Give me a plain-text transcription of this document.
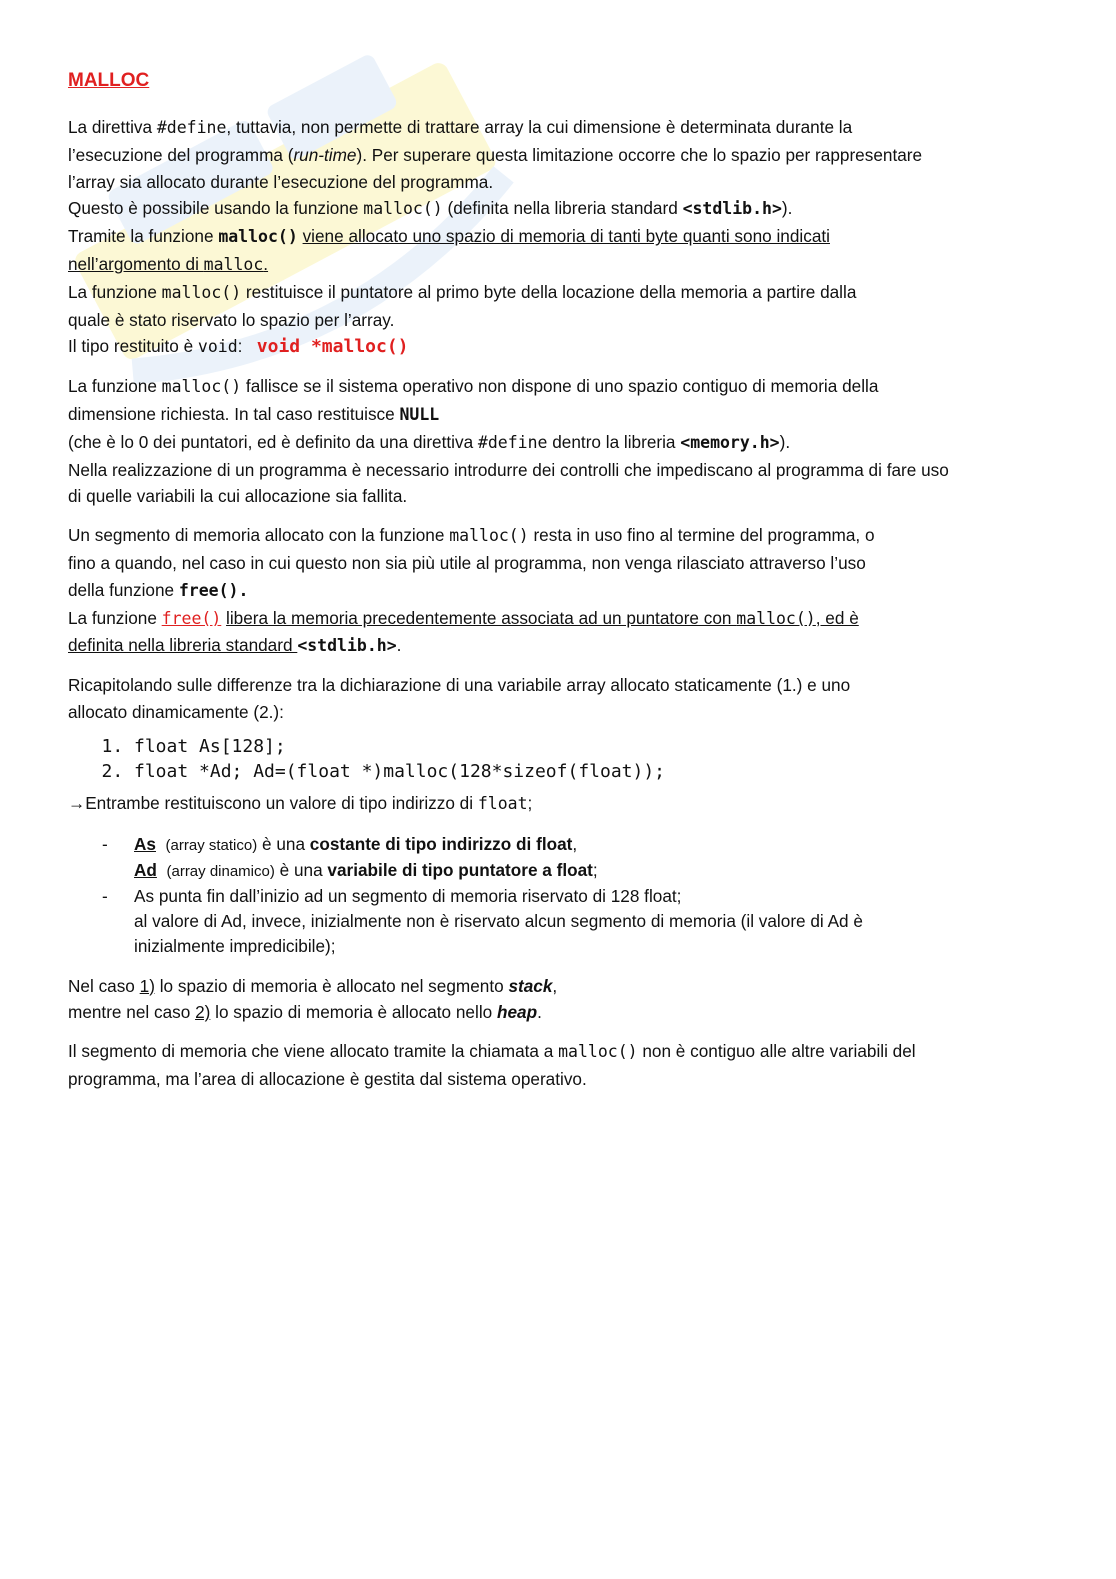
MALLOC

La direttiva #define, tuttavia, non permette di trattare array la cui dimensione è determinata durante la

l’esecuzione del programma (run-time). Per superare questa limitazione occorre che lo spazio per rappresentare

l’array sia allocato durante l’esecuzione del programma.

Questo è possibile usando la funzione malloc() (definita nella libreria standard <stdlib.h>).

Tramite la funzione malloc() viene allocato uno spazio di memoria di tanti byte quanti sono indicati

nell’argomento di malloc.

La funzione malloc() restituisce il puntatore al primo byte della locazione della memoria a partire dalla

quale è stato riservato lo spazio per l’array.

Il tipo restituito è void: void *malloc()

La funzione malloc() fallisce se il sistema operativo non dispone di uno spazio contiguo di memoria della

dimensione richiesta. In tal caso restituisce NULL

(che è lo 0 dei puntatori, ed è definito da una direttiva #define dentro la libreria <memory.h>).

Nella realizzazione di un programma è necessario introdurre dei controlli che impediscano al programma di fare uso

di quelle variabili la cui allocazione sia fallita.

Un segmento di memoria allocato con la funzione malloc() resta in uso fino al termine del programma, o

fino a quando, nel caso in cui questo non sia più utile al programma, non venga rilasciato attraverso l’uso

della funzione free().

La funzione free() libera la memoria precedentemente associata ad un puntatore con malloc(), ed è

definita nella libreria standard <stdlib.h>.

Ricapitolando sulle differenze tra la dichiarazione di una variabile array allocato staticamente (1.) e uno

allocato dinamicamente (2.):

1. float As[128];
2. float *Ad; Ad=(float *)malloc(128*sizeof(float));

→Entrambe restituiscono un valore di tipo indirizzo di float;

-	As (array statico) è una costante di tipo indirizzo di float,
Ad (array dinamico) è una variabile di tipo puntatore a float;
-	As punta fin dall’inizio ad un segmento di memoria riservato di 128 float;
al valore di Ad, invece, inizialmente non è riservato alcun segmento di memoria (il valore di Ad è
inizialmente impredicibile);

Nel caso 1) lo spazio di memoria è allocato nel segmento stack,

mentre nel caso 2) lo spazio di memoria è allocato nello heap.

Il segmento di memoria che viene allocato tramite la chiamata a malloc() non è contiguo alle altre variabili del

programma, ma l’area di allocazione è gestita dal sistema operativo.
